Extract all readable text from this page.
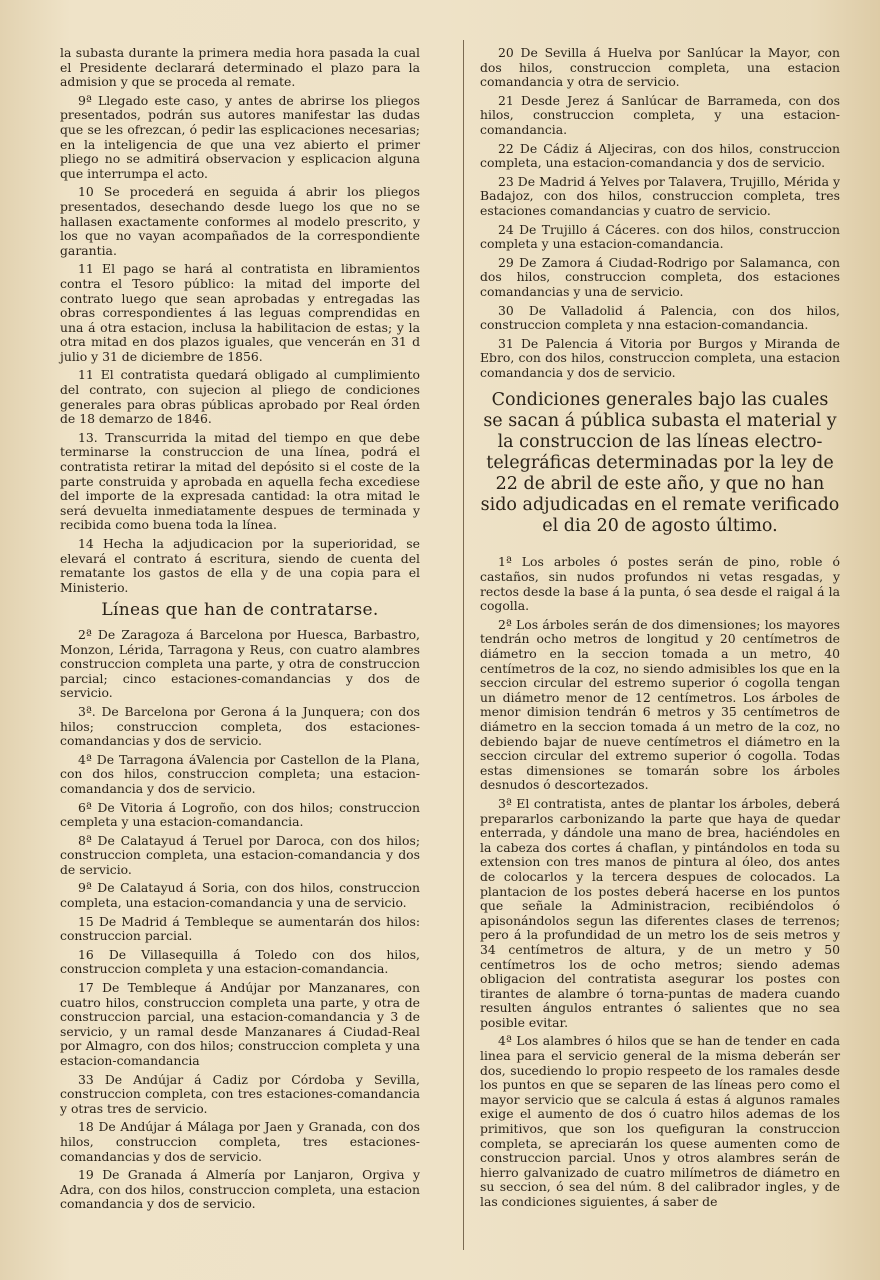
la subasta durante la primera media hora pasada la cual el Presidente declarará determinado el plazo para la admision y que se proceda al remate.

9ª Llegado este caso, y antes de abrirse los pliegos presentados, podrán sus autores manifestar las dudas que se les ofrezcan, ó pedir las esplicaciones necesarias; en la inteligencia de que una vez abierto el primer pliego no se admitirá observacion y esplicacion alguna que interrumpa el acto.

10 Se procederá en seguida á abrir los pliegos presentados, desechando desde luego los que no se hallasen exactamente conformes al modelo prescrito, y los que no vayan acompañados de la correspondiente garantia.

11 El pago se hará al contratista en libramientos contra el Tesoro público: la mitad del importe del contrato luego que sean aprobadas y entregadas las obras correspondientes á las leguas comprendidas en una á otra estacion, inclusa la habilitacion de estas; y la otra mitad en dos plazos iguales, que vencerán en 31 d julio y 31 de diciembre de 1856.

11 El contratista quedará obligado al cumplimiento del contrato, con sujecion al pliego de condiciones generales para obras públicas aprobado por Real órden de 18 demarzo de 1846.

13. Transcurrida la mitad del tiempo en que debe terminarse la construccion de una línea, podrá el contratista retirar la mitad del depósito si el coste de la parte construida y aprobada en aquella fecha excediese del importe de la expresada cantidad: la otra mitad le será devuelta inmediatamente despues de terminada y recibida como buena toda la línea.

14 Hecha la adjudicacion por la superioridad, se elevará el contrato á escritura, siendo de cuenta del rematante los gastos de ella y de una copia para el Ministerio.

Líneas que han de contratarse.

2ª De Zaragoza á Barcelona por Huesca, Barbastro, Monzon, Lérida, Tarragona y Reus, con cuatro alambres construccion completa una parte, y otra de construccion parcial; cinco estaciones-comandancias y dos de servicio.

3ª. De Barcelona por Gerona á la Junquera; con dos hilos; construccion completa, dos estaciones-comandancias y dos de servicio.

4ª De Tarragona áValencia por Castellon de la Plana, con dos hilos, construccion completa; una estacion-comandancia y dos de servicio.

6ª De Vitoria á Logroño, con dos hilos; construccion cempleta y una estacion-comandancia.

8ª De Calatayud á Teruel por Daroca, con dos hilos; construccion completa, una estacion-comandancia y dos de servicio.

9ª De Calatayud á Soria, con dos hilos, construccion completa, una estacion-comandancia y una de servicio.

15 De Madrid á Tembleque se aumentarán dos hilos: construccion parcial.

16 De Villasequilla á Toledo con dos hilos, construccion completa y una estacion-comandancia.

17 De Tembleque á Andújar por Manzanares, con cuatro hilos, construccion completa una parte, y otra de construccion parcial, una estacion-comandancia y 3 de servicio, y un ramal desde Manzanares á Ciudad-Real por Almagro, con dos hilos; construccion completa y una estacion-comandancia

33 De Andújar á Cadiz por Córdoba y Sevilla, construccion completa, con tres estaciones-comandancia y otras tres de servicio.

18 De Andújar á Málaga por Jaen y Granada, con dos hilos, construccion completa, tres estaciones-comandancias y dos de servicio.

19 De Granada á Almería por Lanjaron, Orgiva y Adra, con dos hilos, construccion completa, una estacion comandancia y dos de servicio.

20 De Sevilla á Huelva por Sanlúcar la Mayor, con dos hilos, construccion completa, una estacion comandancia y otra de servicio.

21 Desde Jerez á Sanlúcar de Barrameda, con dos hilos, construccion completa, y una estacion-comandancia.

22 De Cádiz á Aljeciras, con dos hilos, construccion completa, una estacion-comandancia y dos de servicio.

23 De Madrid á Yelves por Talavera, Trujillo, Mérida y Badajoz, con dos hilos, construccion completa, tres estaciones comandancias y cuatro de servicio.

24 De Trujillo á Cáceres. con dos hilos, construccion completa y una estacion-comandancia.

29 De Zamora á Ciudad-Rodrigo por Salamanca, con dos hilos, construccion completa, dos estaciones comandancias y una de servicio.

30 De Valladolid á Palencia, con dos hilos, construccion completa y nna estacion-comandancia.

31 De Palencia á Vitoria por Burgos y Miranda de Ebro, con dos hilos, construccion completa, una estacion comandancia y dos de servicio.

Condiciones generales bajo las cuales se sacan á pública subasta el material y la construccion de las líneas electro-telegráficas determinadas por la ley de 22 de abril de este año, y que no han sido adjudicadas en el remate verificado el dia 20 de agosto último.

1ª Los arboles ó postes serán de pino, roble ó castaños, sin nudos profundos ni vetas resgadas, y rectos desde la base á la punta, ó sea desde el raigal á la cogolla.

2ª Los árboles serán de dos dimensiones; los mayores tendrán ocho metros de longitud y 20 centímetros de diámetro en la seccion tomada a un metro, 40 centímetros de la coz, no siendo admisibles los que en la seccion circular del estremo superior ó cogolla tengan un diámetro menor de 12 centímetros. Los árboles de menor dimision tendrán 6 metros y 35 centímetros de diámetro en la seccion tomada á un metro de la coz, no debiendo bajar de nueve centímetros el diámetro en la seccion circular del extremo superior ó cogolla. Todas estas dimensiones se tomarán sobre los árboles desnudos ó descortezados.

3ª El contratista, antes de plantar los árboles, deberá prepararlos carbonizando la parte que haya de quedar enterrada, y dándole una mano de brea, haciéndoles en la cabeza dos cortes á chaflan, y pintándolos en toda su extension con tres manos de pintura al óleo, dos antes de colocarlos y la tercera despues de colocados. La plantacion de los postes deberá hacerse en los puntos que señale la Administracion, recibiéndolos ó apisonándolos segun las diferentes clases de terrenos; pero á la profundidad de un metro los de seis metros y 34 centímetros de altura, y de un metro y 50 centímetros los de ocho metros; siendo ademas obligacion del contratista asegurar los postes con tirantes de alambre ó torna-puntas de madera cuando resulten ángulos entrantes ó salientes que no sea posible evitar.

4ª Los alambres ó hilos que se han de tender en cada linea para el servicio general de la misma deberán ser dos, sucediendo lo propio respeeto de los ramales desde los puntos en que se separen de las líneas pero como el mayor servicio que se calcula á estas á algunos ramales exige el aumento de dos ó cuatro hilos ademas de los primitivos, que son los quefiguran la construccion completa, se apreciarán los quese aumenten como de construccion parcial. Unos y otros alambres serán de hierro galvanizado de cuatro milímetros de diámetro en su seccion, ó sea del núm. 8 del calibrador ingles, y de las condiciones siguientes, á saber de
